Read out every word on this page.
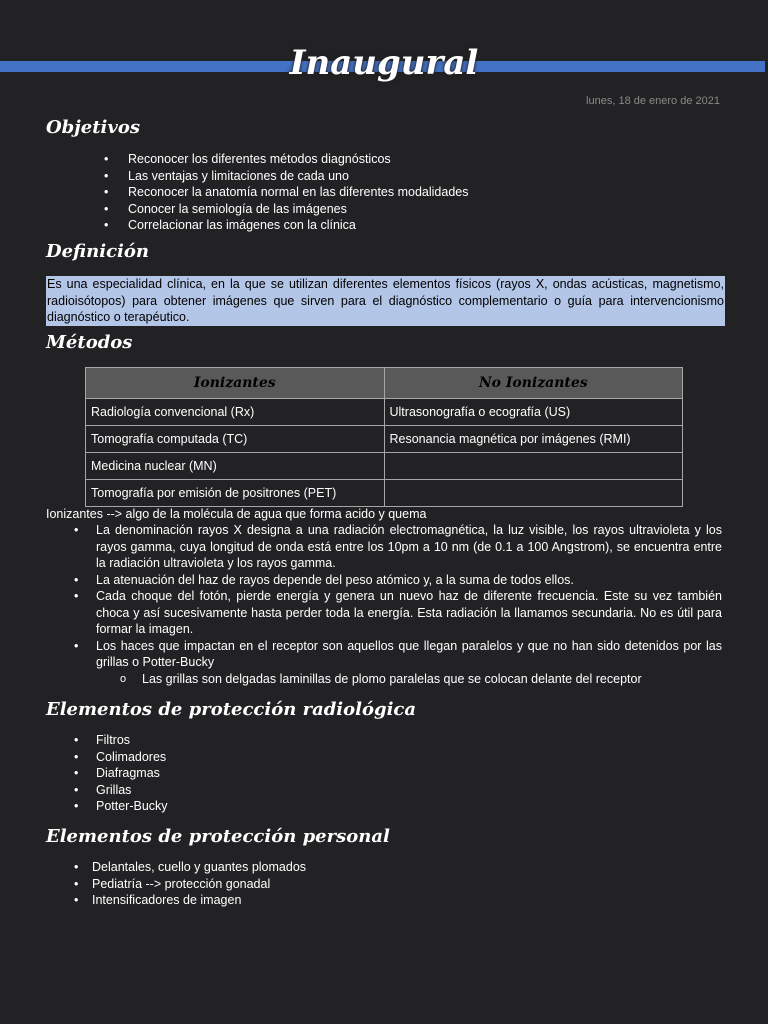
Inaugural
lunes, 18 de enero de 2021
Objetivos
• Reconocer los diferentes métodos diagnósticos
• Las ventajas y limitaciones de cada uno
• Reconocer la anatomía normal en las diferentes modalidades
• Conocer la semiología de las imágenes
• Correlacionar las imágenes con la clínica
Definición
Es una especialidad clínica, en la que se utilizan diferentes elementos físicos (rayos X, ondas acústicas, magnetismo, radioisótopos) para obtener imágenes que sirven para el diagnóstico complementario o guía para intervencionismo diagnóstico o terapéutico.
Métodos
Ionizantes	No Ionizantes
Radiología convencional (Rx)	Ultrasonografía o ecografía (US)
Tomografía computada (TC)	Resonancia magnética por imágenes (RMI)
Medicina nuclear (MN)	
Tomografía por emisión de positrones (PET)	
Ionizantes --> algo de la molécula de agua que forma acido y quema
• La denominación rayos X designa a una radiación electromagnética, la luz visible, los rayos ultravioleta y los rayos gamma, cuya longitud de onda está entre los 10pm a 10 nm (de 0.1 a 100 Angstrom), se encuentra entre la radiación ultravioleta y los rayos gamma.
• La atenuación del haz de rayos depende del peso atómico y, a la suma de todos ellos.
• Cada choque del fotón, pierde energía y genera un nuevo haz de diferente frecuencia. Este su vez también choca y así sucesivamente hasta perder toda la energía. Esta radiación la llamamos secundaria. No es útil para formar la imagen.
• Los haces que impactan en el receptor son aquellos que llegan paralelos y que no han sido detenidos por las grillas o Potter-Bucky
o Las grillas son delgadas laminillas de plomo paralelas que se colocan delante del receptor
Elementos de protección radiológica
• Filtros
• Colimadores
• Diafragmas
• Grillas
• Potter-Bucky
Elementos de protección personal
• Delantales, cuello y guantes plomados
• Pediatría --> protección gonadal
• Intensificadores de imagen
